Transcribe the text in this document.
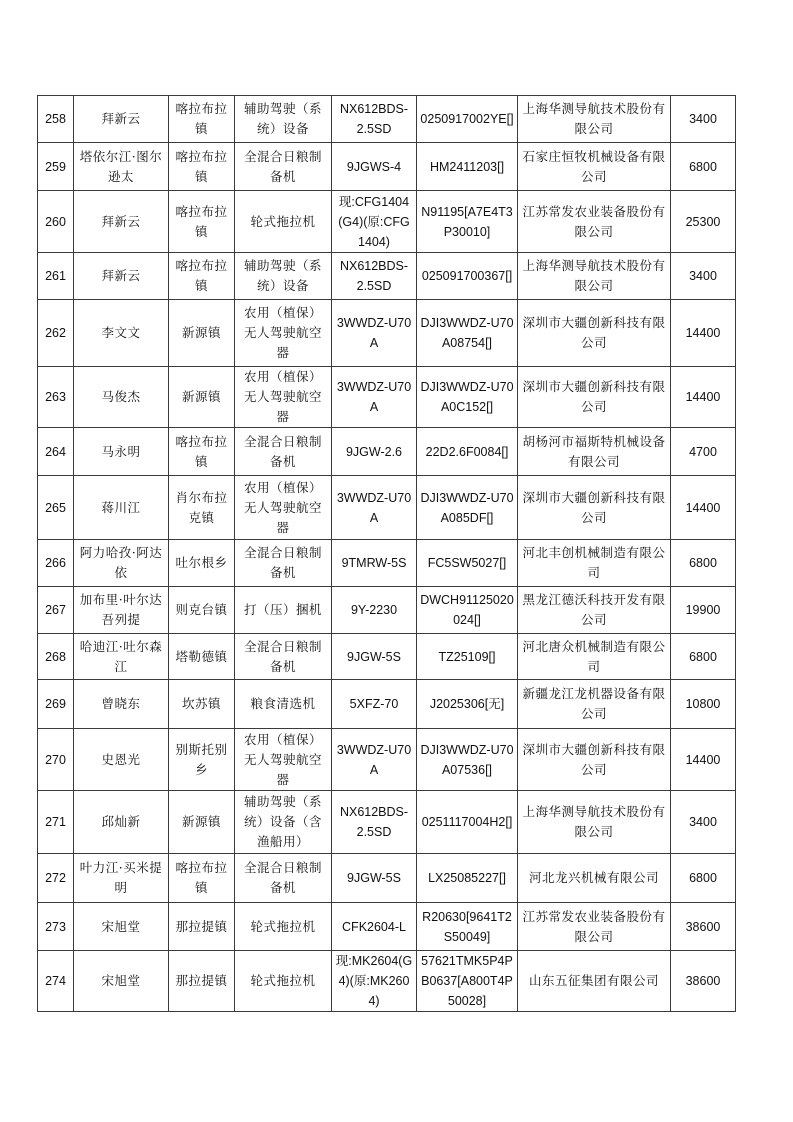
258	拜新云	喀拉布拉镇	辅助驾驶（系统）设备	NX612BDS-2.5SD	0250917002YE[]	上海华测导航技术股份有限公司	3400
259	塔依尔江·图尔逊太	喀拉布拉镇	全混合日粮制备机	9JGWS-4	HM2411203[]	石家庄恒牧机械设备有限公司	6800
260	拜新云	喀拉布拉镇	轮式拖拉机	现:CFG1404(G4)(原:CFG1404)	N91195[A7E4T3P30010]	江苏常发农业装备股份有限公司	25300
261	拜新云	喀拉布拉镇	辅助驾驶（系统）设备	NX612BDS-2.5SD	025091700367[]	上海华测导航技术股份有限公司	3400
262	李文文	新源镇	农用（植保）无人驾驶航空器	3WWDZ-U70A	DJI3WWDZ-U70A08754[]	深圳市大疆创新科技有限公司	14400
263	马俊杰	新源镇	农用（植保）无人驾驶航空器	3WWDZ-U70A	DJI3WWDZ-U70A0C152[]	深圳市大疆创新科技有限公司	14400
264	马永明	喀拉布拉镇	全混合日粮制备机	9JGW-2.6	22D2.6F0084[]	胡杨河市福斯特机械设备有限公司	4700
265	蒋川江	肖尔布拉克镇	农用（植保）无人驾驶航空器	3WWDZ-U70A	DJI3WWDZ-U70A085DF[]	深圳市大疆创新科技有限公司	14400
266	阿力哈孜·阿达依	吐尔根乡	全混合日粮制备机	9TMRW-5S	FC5SW5027[]	河北丰创机械制造有限公司	6800
267	加布里·叶尔达吾列提	则克台镇	打（压）捆机	9Y-2230	DWCH91125020024[]	黑龙江德沃科技开发有限公司	19900
268	哈迪江·吐尔森江	塔勒德镇	全混合日粮制备机	9JGW-5S	TZ25109[]	河北唐众机械制造有限公司	6800
269	曾晓东	坎苏镇	粮食清选机	5XFZ-70	J2025306[无]	新疆龙江龙机器设备有限公司	10800
270	史恩光	别斯托别乡	农用（植保）无人驾驶航空器	3WWDZ-U70A	DJI3WWDZ-U70A07536[]	深圳市大疆创新科技有限公司	14400
271	邱灿新	新源镇	辅助驾驶（系统）设备（含渔船用）	NX612BDS-2.5SD	0251117004H2[]	上海华测导航技术股份有限公司	3400
272	叶力江·买米提明	喀拉布拉镇	全混合日粮制备机	9JGW-5S	LX25085227[]	河北龙兴机械有限公司	6800
273	宋旭堂	那拉提镇	轮式拖拉机	CFK2604-L	R20630[9641T2S50049]	江苏常发农业装备股份有限公司	38600
274	宋旭堂	那拉提镇	轮式拖拉机	现:MK2604(G4)(原:MK2604)	57621TMK5P4PB0637[A800T4P50028]	山东五征集团有限公司	38600
